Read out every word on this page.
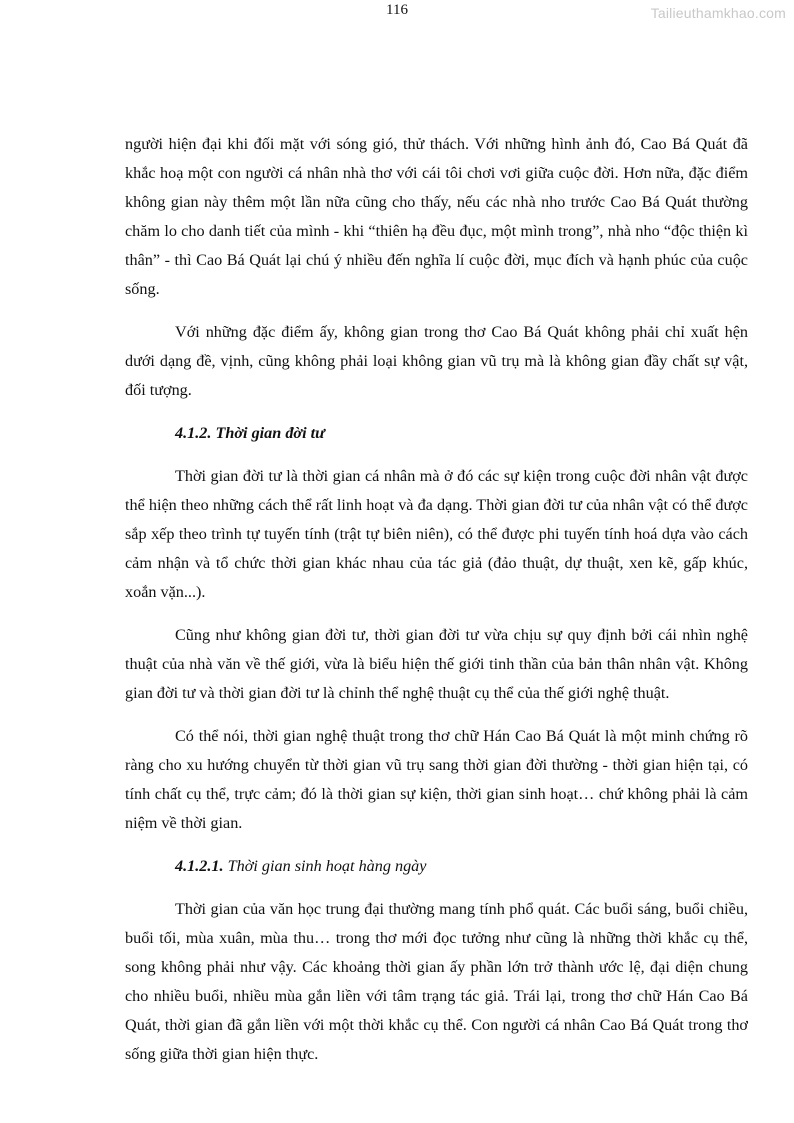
116	Tailieuthamkhao.com

người hiện đại khi đối mặt với sóng gió, thử thách. Với những hình ảnh đó, Cao Bá Quát đã khắc hoạ một con người cá nhân nhà thơ với cái tôi chơi vơi giữa cuộc đời. Hơn nữa, đặc điểm không gian này thêm một lần nữa cũng cho thấy, nếu các nhà nho trước Cao Bá Quát thường chăm lo cho danh tiết của mình - khi “thiên hạ đều đục, một mình trong”, nhà nho “độc thiện kì thân” - thì Cao Bá Quát lại chú ý nhiều đến nghĩa lí cuộc đời, mục đích và hạnh phúc của cuộc sống.

Với những đặc điểm ấy, không gian trong thơ Cao Bá Quát không phải chỉ xuất hện dưới dạng đề, vịnh, cũng không phải loại không gian vũ trụ mà là không gian đầy chất sự vật, đối tượng.

4.1.2. Thời gian đời tư

Thời gian đời tư là thời gian cá nhân mà ở đó các sự kiện trong cuộc đời nhân vật được thể hiện theo những cách thể rất linh hoạt và đa dạng. Thời gian đời tư của nhân vật có thể được sắp xếp theo trình tự tuyến tính (trật tự biên niên), có thể được phi tuyến tính hoá dựa vào cách cảm nhận và tổ chức thời gian khác nhau của tác giả (đảo thuật, dự thuật, xen kẽ, gấp khúc, xoắn vặn...).

Cũng như không gian đời tư, thời gian đời tư vừa chịu sự quy định bởi cái nhìn nghệ thuật của nhà văn về thế giới, vừa là biểu hiện thế giới tinh thần của bản thân nhân vật. Không gian đời tư và thời gian đời tư là chỉnh thể nghệ thuật cụ thể của thế giới nghệ thuật.

Có thể nói, thời gian nghệ thuật trong thơ chữ Hán Cao Bá Quát là một minh chứng rõ ràng cho xu hướng chuyển từ thời gian vũ trụ sang thời gian đời thường - thời gian hiện tại, có tính chất cụ thể, trực cảm; đó là thời gian sự kiện, thời gian sinh hoạt… chứ không phải là cảm niệm về thời gian.

4.1.2.1. Thời gian sinh hoạt hàng ngày

Thời gian của văn học trung đại thường mang tính phổ quát. Các buổi sáng, buổi chiều, buổi tối, mùa xuân, mùa thu… trong thơ mới đọc tưởng như cũng là những thời khắc cụ thể, song không phải như vậy. Các khoảng thời gian ấy phần lớn trở thành ước lệ, đại diện chung cho nhiều buổi, nhiều mùa gắn liền với tâm trạng tác giả. Trái lại, trong thơ chữ Hán Cao Bá Quát, thời gian đã gắn liền với một thời khắc cụ thể. Con người cá nhân Cao Bá Quát trong thơ sống giữa thời gian hiện thực.
